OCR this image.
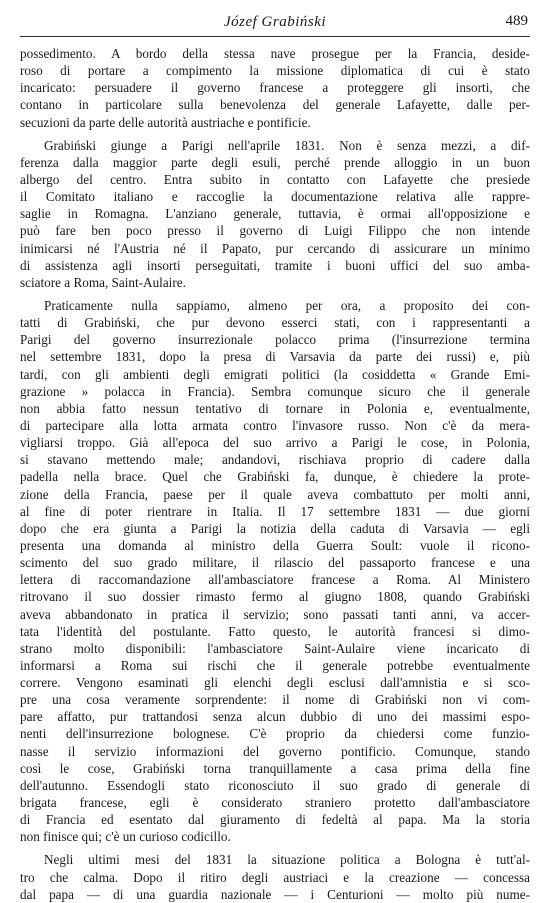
Józef Grabiński	489
possedimento. A bordo della stessa nave prosegue per la Francia, deside-
roso di portare a compimento la missione diplomatica di cui è stato
incaricato: persuadere il governo francese a proteggere gli insorti, che
contano in particolare sulla benevolenza del generale Lafayette, dalle per-
secuzioni da parte delle autorità austriache e pontificie.
Grabiński giunge a Parigi nell'aprile 1831. Non è senza mezzi, a dif-
ferenza dalla maggior parte degli esuli, perché prende alloggio in un buon
albergo del centro. Entra subito in contatto con Lafayette che presiede
il Comitato italiano e raccoglie la documentazione relativa alle rappre-
saglie in Romagna. L'anziano generale, tuttavia, è ormai all'opposizione e
può fare ben poco presso il governo di Luigi Filippo che non intende
inimicarsi né l'Austria né il Papato, pur cercando di assicurare un minimo
di assistenza agli insorti perseguitati, tramite i buoni uffici del suo amba-
sciatore a Roma, Saint-Aulaire.
Praticamente nulla sappiamo, almeno per ora, a proposito dei con-
tatti di Grabiński, che pur devono esserci stati, con i rappresentanti a
Parigi del governo insurrezionale polacco prima (l'insurrezione termina
nel settembre 1831, dopo la presa di Varsavia da parte dei russi) e, più
tardi, con gli ambienti degli emigrati politici (la cosiddetta « Grande Emi-
grazione » polacca in Francia). Sembra comunque sicuro che il generale
non abbia fatto nessun tentativo di tornare in Polonia e, eventualmente,
di partecipare alla lotta armata contro l'invasore russo. Non c'è da mera-
vigliarsi troppo. Già all'epoca del suo arrivo a Parigi le cose, in Polonia,
si stavano mettendo male; andandovi, rischiava proprio di cadere dalla
padella nella brace. Quel che Grabiński fa, dunque, è chiedere la prote-
zione della Francia, paese per il quale aveva combattuto per molti anni,
al fine di poter rientrare in Italia. Il 17 settembre 1831 — due giorni
dopo che era giunta a Parigi la notizia della caduta di Varsavia — egli
presenta una domanda al ministro della Guerra Soult: vuole il ricono-
scimento del suo grado militare, il rilascio del passaporto francese e una
lettera di raccomandazione all'ambasciatore francese a Roma. Al Ministero
ritrovano il suo dossier rimasto fermo al giugno 1808, quando Grabiński
aveva abbandonato in pratica il servizio; sono passati tanti anni, va accer-
tata l'identità del postulante. Fatto questo, le autorità francesi si dimo-
strano molto disponibili: l'ambasciatore Saint-Aulaire viene incaricato di
informarsi a Roma sui rischi che il generale potrebbe eventualmente
correre. Vengono esaminati gli elenchi degli esclusi dall'amnistia e si sco-
pre una cosa veramente sorprendente: il nome di Grabiński non vi com-
pare affatto, pur trattandosi senza alcun dubbio di uno dei massimi espo-
nenti dell'insurrezione bolognese. C'è proprio da chiedersi come funzio-
nasse il servizio informazioni del governo pontificio. Comunque, stando
così le cose, Grabiński torna tranquillamente a casa prima della fine
dell'autunno. Essendogli stato riconosciuto il suo grado di generale di
brigata francese, egli è considerato straniero protetto dall'ambasciatore
di Francia ed esentato dal giuramento di fedeltà al papa. Ma la storia
non finisce qui; c'è un curioso codicillo.
Negli ultimi mesi del 1831 la situazione politica a Bologna è tutt'al-
tro che calma. Dopo il ritiro degli austriaci e la creazione — concessa
dal papa — di una guardia nazionale — i Centurioni — molto più nume-
